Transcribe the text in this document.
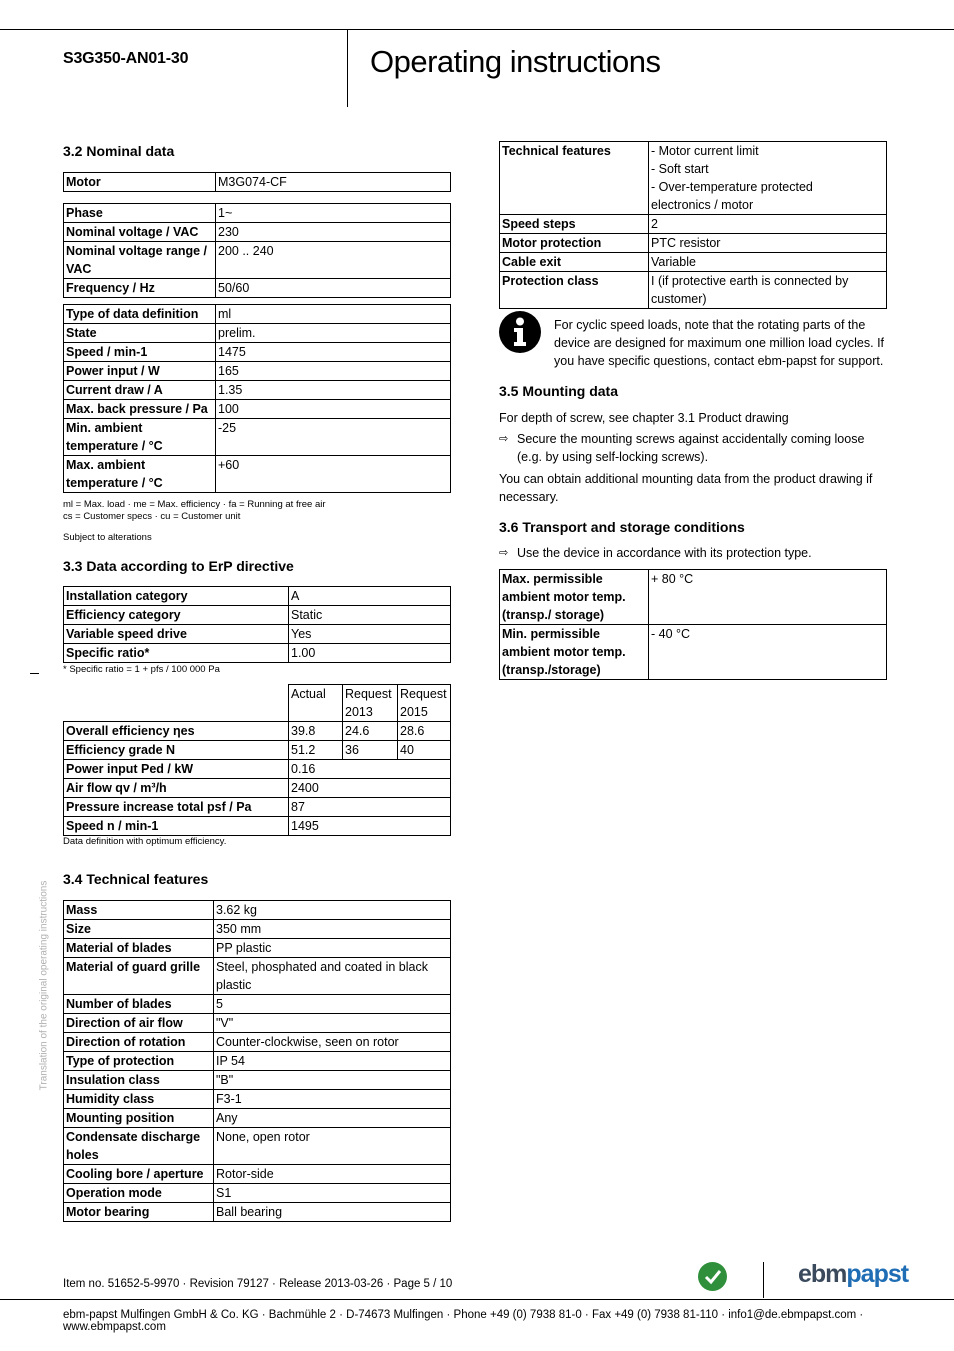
S3G350-AN01-30	Operating instructions
3.2 Nominal data
Motor	M3G074-CF
Phase	1~
Nominal voltage / VAC	230
Nominal voltage range / VAC	200 .. 240
Frequency / Hz	50/60
Type of data definition	ml
State	prelim.
Speed / min-1	1475
Power input / W	165
Current draw / A	1.35
Max. back pressure / Pa	100
Min. ambient temperature / °C	-25
Max. ambient temperature / °C	+60
ml = Max. load · me = Max. efficiency · fa = Running at free air
cs = Customer specs · cu = Customer unit
Subject to alterations
3.3 Data according to ErP directive
Installation category	A
Efficiency category	Static
Variable speed drive	Yes
Specific ratio*	1.00
* Specific ratio = 1 + pfs / 100 000 Pa
	Actual	Request 2013	Request 2015
Overall efficiency ηes	39.8	24.6	28.6
Efficiency grade N	51.2	36	40
Power input Ped / kW	0.16		
Air flow qv / m³/h	2400		
Pressure increase total psf / Pa	87		
Speed n / min-1	1495		
Data definition with optimum efficiency.
3.4 Technical features
Mass	3.62 kg
Size	350 mm
Material of blades	PP plastic
Material of guard grille	Steel, phosphated and coated in black plastic
Number of blades	5
Direction of air flow	"V"
Direction of rotation	Counter-clockwise, seen on rotor
Type of protection	IP 54
Insulation class	"B"
Humidity class	F3-1
Mounting position	Any
Condensate discharge holes	None, open rotor
Cooling bore / aperture	Rotor-side
Operation mode	S1
Motor bearing	Ball bearing
Technical features	- Motor current limit
- Soft start
- Over-temperature protected
electronics / motor

Speed steps	2
Motor protection	PTC resistor
Cable exit	Variable
Protection class	I (if protective earth is connected by customer)
For cyclic speed loads, note that the rotating parts of the device are designed for maximum one million load cycles. If you have specific questions, contact ebm-papst for support.
3.5 Mounting data
For depth of screw, see chapter 3.1 Product drawing
⇨ Secure the mounting screws against accidentally coming loose (e.g. by using self-locking screws).
You can obtain additional mounting data from the product drawing if necessary.
3.6 Transport and storage conditions
⇨ Use the device in accordance with its protection type.
Max. permissible ambient motor temp. (transp./ storage)	+ 80 °C
Min. permissible ambient motor temp. (transp./storage)	- 40 °C
Translation of the original operating instructions
Item no. 51652-5-9970 · Revision 79127 · Release 2013-03-26 · Page 5 / 10	ebmpapst
ebm-papst Mulfingen GmbH & Co. KG · Bachmühle 2 · D-74673 Mulfingen · Phone +49 (0) 7938 81-0 · Fax +49 (0) 7938 81-110 · info1@de.ebmpapst.com · www.ebmpapst.com
